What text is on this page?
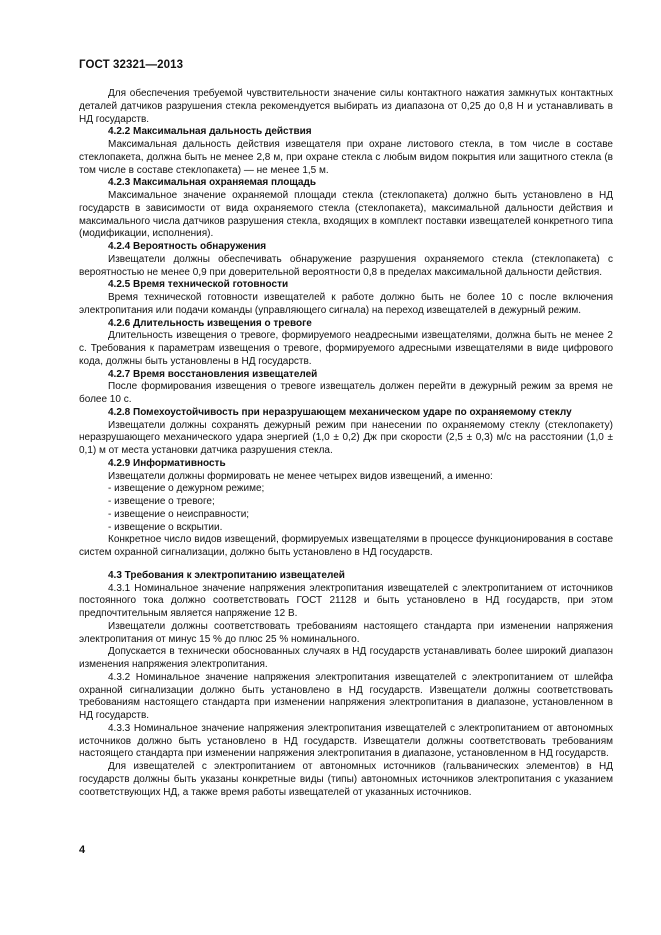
ГОСТ 32321—2013

Для обеспечения требуемой чувствительности значение силы контактного нажатия замкнутых контактных деталей датчиков разрушения стекла рекомендуется выбирать из диапазона от 0,25 до 0,8 Н и устанавливать в НД государств.

4.2.2 Максимальная дальность действия

Максимальная дальность действия извещателя при охране листового стекла, в том числе в составе стеклопакета, должна быть не менее 2,8 м, при охране стекла с любым видом покрытия или защитного стекла (в том числе в составе стеклопакета) — не менее 1,5 м.

4.2.3 Максимальная охраняемая площадь

Максимальное значение охраняемой площади стекла (стеклопакета) должно быть установлено в НД государств в зависимости от вида охраняемого стекла (стеклопакета), максимальной дальности действия и максимального числа датчиков разрушения стекла, входящих в комплект поставки извещателей конкретного типа (модификации, исполнения).

4.2.4 Вероятность обнаружения

Извещатели должны обеспечивать обнаружение разрушения охраняемого стекла (стеклопакета) с вероятностью не менее 0,9 при доверительной вероятности 0,8 в пределах максимальной дальности действия.

4.2.5 Время технической готовности

Время технической готовности извещателей к работе должно быть не более 10 с после включения электропитания или подачи команды (управляющего сигнала) на переход извещателей в дежурный режим.

4.2.6 Длительность извещения о тревоге

Длительность извещения о тревоге, формируемого неадресными извещателями, должна быть не менее 2 с. Требования к параметрам извещения о тревоге, формируемого адресными извещателями в виде цифрового кода, должны быть установлены в НД государств.

4.2.7 Время восстановления извещателей

После формирования извещения о тревоге извещатель должен перейти в дежурный режим за время не более 10 с.

4.2.8 Помехоустойчивость при неразрушающем механическом ударе по охраняемому стеклу

Извещатели должны сохранять дежурный режим при нанесении по охраняемому стеклу (стеклопакету) неразрушающего механического удара энергией (1,0 ± 0,2) Дж при скорости (2,5 ± 0,3) м/с на расстоянии (1,0 ± 0,1) м от места установки датчика разрушения стекла.

4.2.9 Информативность

Извещатели должны формировать не менее четырех видов извещений, а именно:

- извещение о дежурном режиме;

- извещение о тревоге;

- извещение о неисправности;

- извещение о вскрытии.

Конкретное число видов извещений, формируемых извещателями в процессе функционирования в составе систем охранной сигнализации, должно быть установлено в НД государств.

4.3 Требования к электропитанию извещателей

4.3.1 Номинальное значение напряжения электропитания извещателей с электропитанием от источников постоянного тока должно соответствовать ГОСТ 21128 и быть установлено в НД государств, при этом предпочтительным является напряжение 12 В.

Извещатели должны соответствовать требованиям настоящего стандарта при изменении напряжения электропитания от минус 15 % до плюс 25 % номинального.

Допускается в технически обоснованных случаях в НД государств устанавливать более широкий диапазон изменения напряжения электропитания.

4.3.2 Номинальное значение напряжения электропитания извещателей с электропитанием от шлейфа охранной сигнализации должно быть установлено в НД государств. Извещатели должны соответствовать требованиям настоящего стандарта при изменении напряжения электропитания в диапазоне, установленном в НД государств.

4.3.3 Номинальное значение напряжения электропитания извещателей с электропитанием от автономных источников должно быть установлено в НД государств. Извещатели должны соответствовать требованиям настоящего стандарта при изменении напряжения электропитания в диапазоне, установленном в НД государств.

Для извещателей с электропитанием от автономных источников (гальванических элементов) в НД государств должны быть указаны конкретные виды (типы) автономных источников электропитания с указанием соответствующих НД, а также время работы извещателей от указанных источников.

4
